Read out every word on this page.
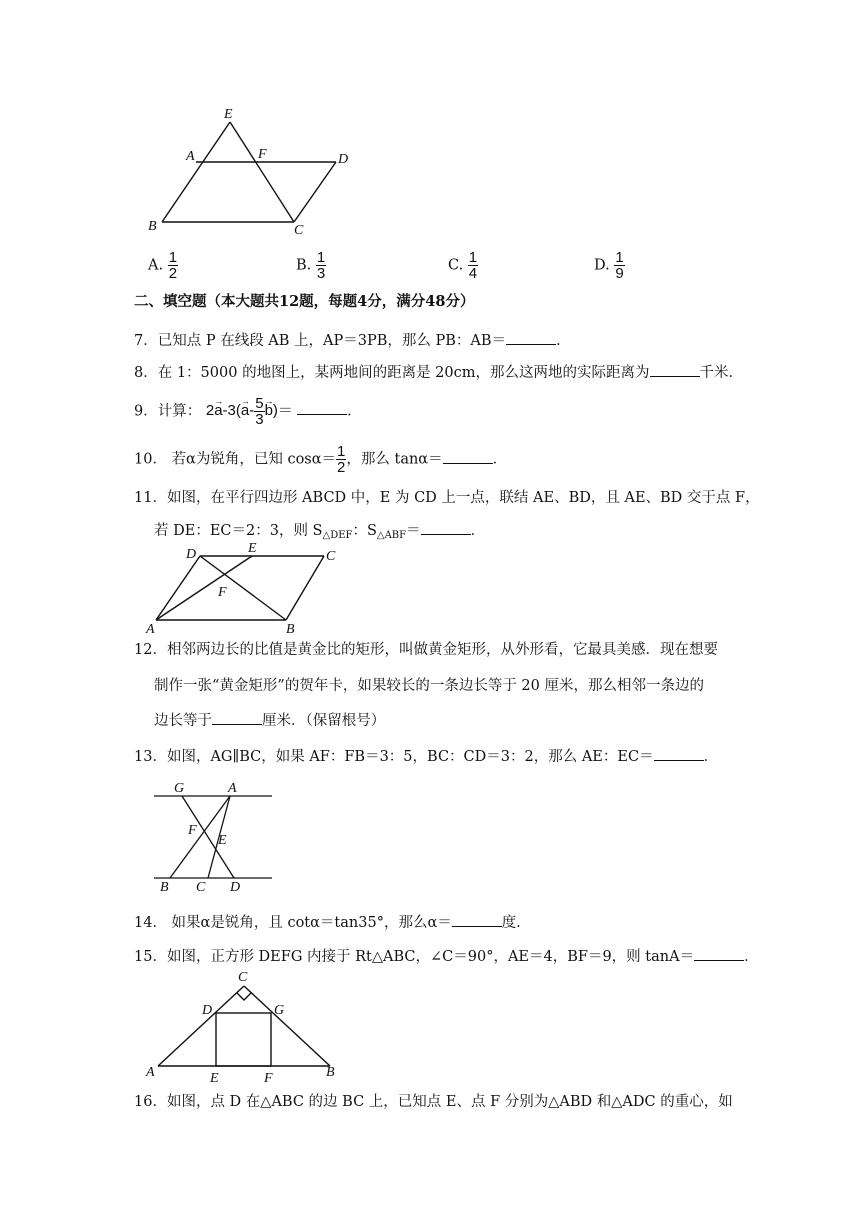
E
A	F	D
B	C
A. $\frac{1}{2}$	B. $\frac{1}{3}$	C. $\frac{1}{4}$	D. $\frac{1}{9}$
二、填空题（本大题共12题，每题4分，满分48分）
7．已知点 P 在线段 AB 上，AP＝3PB，那么 PB：AB＝	．
8．在 1：5000 的地图上，某两地间的距离是 20cm，那么这两地的实际距离为	千米．
9．计算： $2\to a-3(\to a- \frac{5}{3}$
→ b)＝	．
10． 若α为锐角，已知 $\cos\alpha= \frac{1}{2}$ ，那么 tanα＝	．
11．如图，在平行四边形 ABCD 中，E 为 CD 上一点，联结 AE、BD，且 AE、BD 交于点 F，
若 DE：EC＝2：3，则 $S_{\triangle DEF}$：$S_{\triangle ABF}=$	．
D	E
C
F
A	B
12．相邻两边长的比值是黄金比的矩形，叫做黄金矩形，从外形看，它最具美感．现在想要
制作一张“黄金矩形”的贺年卡，如果较长的一条边长等于 20 厘米，那么相邻一条边的
边长等于	厘米．（保留根号）
13．如图，AG∥BC，如果 AF：FB＝3：5，BC：CD＝3：2，那么 AE：EC＝	．
G	A
F
E
B C D
14． 如果α是锐角，且 cotα＝tan35°，那么α＝	度．
15．如图，正方形 DEFG 内接于 Rt△ABC，∠C＝90°，AE＝4，BF＝9，则 tanA＝	．
C
D	G
A	E	F	B
16．如图，点 D 在△ABC 的边 BC 上，已知点 E、点 F 分别为△ABD 和△ADC 的重心，如
